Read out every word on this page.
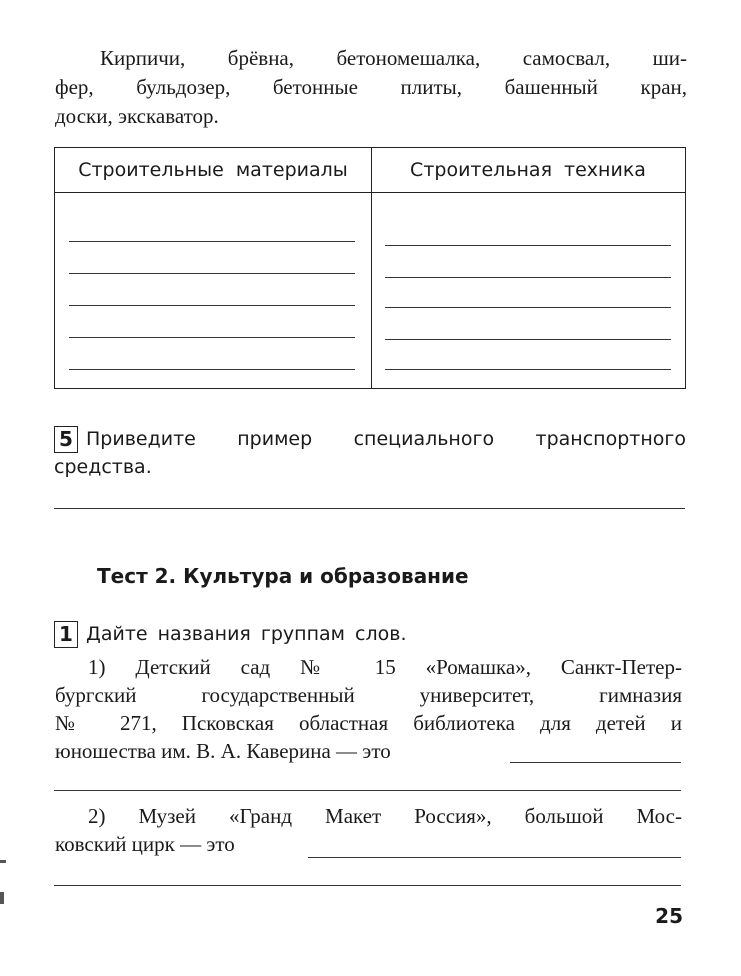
Кирпичи, брёвна, бетономешалка, самосвал, ши-
фер, бульдозер, бетонные плиты, башенный кран,
доски, экскаватор.
Строительные материалы	Строительная техника
5 Приведите пример специального транспортного средства.
Тест 2. Культура и образование
1 Дайте названия группам слов.
1) Детский сад № 15 «Ромашка», Санкт-Петер-
бургский государственный университет, гимназия
№ 271, Псковская областная библиотека для детей и
юношества им. В. А. Каверина — это
2) Музей «Гранд Макет Россия», большой Мос-
ковский цирк — это
25
